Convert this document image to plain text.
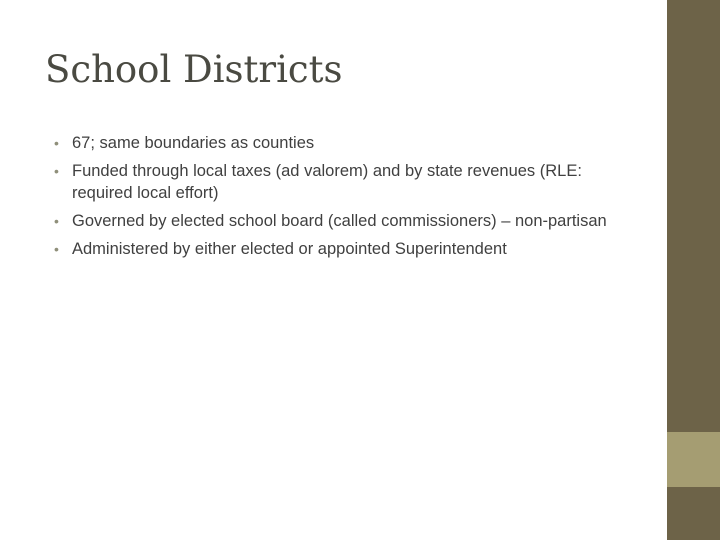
School Districts
• 67; same boundaries as counties
• Funded through local taxes (ad valorem) and by state revenues (RLE: required local effort)
• Governed by elected school board (called commissioners) – non-partisan
• Administered by either elected or appointed Superintendent
